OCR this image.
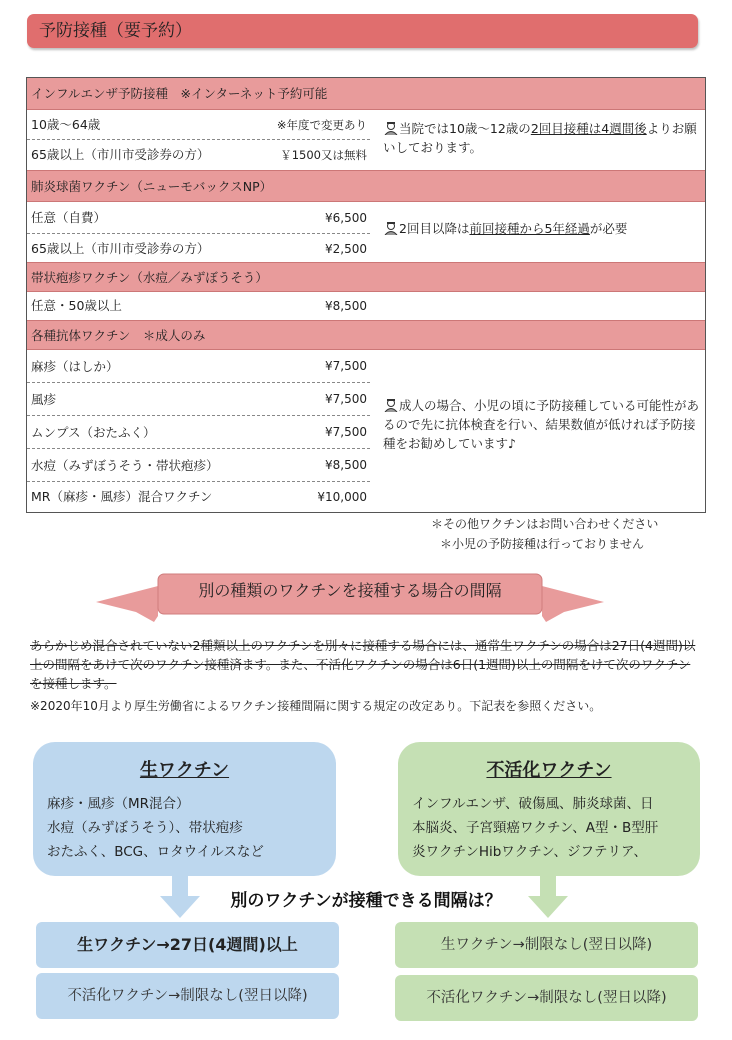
予防接種（要予約）
インフルエンザ予防接種　※インターネット予約可能
10歳〜64歳	※年度で変更あり
65歳以上（市川市受診券の方）	￥1500又は無料
当院では10歳〜12歳の2回目接種は4週間後よりお願いしております。
肺炎球菌ワクチン（ニューモバックスNP）
任意（自費）	¥6,500
65歳以上（市川市受診券の方）	¥2,500
2回目以降は前回接種から5年経過が必要
帯状疱疹ワクチン（水痘／みずぼうそう）
任意・50歳以上	¥8,500
各種抗体ワクチン　＊成人のみ
麻疹（はしか）	¥7,500
風疹	¥7,500
ムンプス（おたふく）	¥7,500
水痘（みずぼうそう・帯状疱疹）	¥8,500
MR（麻疹・風疹）混合ワクチン	¥10,000
成人の場合、小児の頃に予防接種している可能性があるので先に抗体検査を行い、結果数値が低ければ予防接種をお勧めしています♪
＊その他ワクチンはお問い合わせください
＊小児の予防接種は行っておりません
別の種類のワクチンを接種する場合の間隔
あらかじめ混合されていない2種類以上のワクチンを別々に接種する場合には、通常生ワクチンの場合は27日(4週間)以上の間隔をあけて次のワクチン接種済ます。また、不活化ワクチンの場合は6日(1週間)以上の間隔をけて次のワクチンを接種します。
※2020年10月より厚生労働省によるワクチン接種間隔に関する規定の改定あり。下記表を参照ください。
生ワクチン
麻疹・風疹（MR混合）
水痘（みずぼうそう）、帯状疱疹
おたふく、BCG、ロタウイルスなど
不活化ワクチン
インフルエンザ、破傷風、肺炎球菌、日
本脳炎、子宮頸癌ワクチン、A型・B型肝
炎ワクチンHibワクチン、ジフテリア、
別のワクチンが接種できる間隔は？
生ワクチン→27日(4週間)以上
不活化ワクチン→制限なし(翌日以降)
生ワクチン→制限なし(翌日以降)
不活化ワクチン→制限なし(翌日以降)
